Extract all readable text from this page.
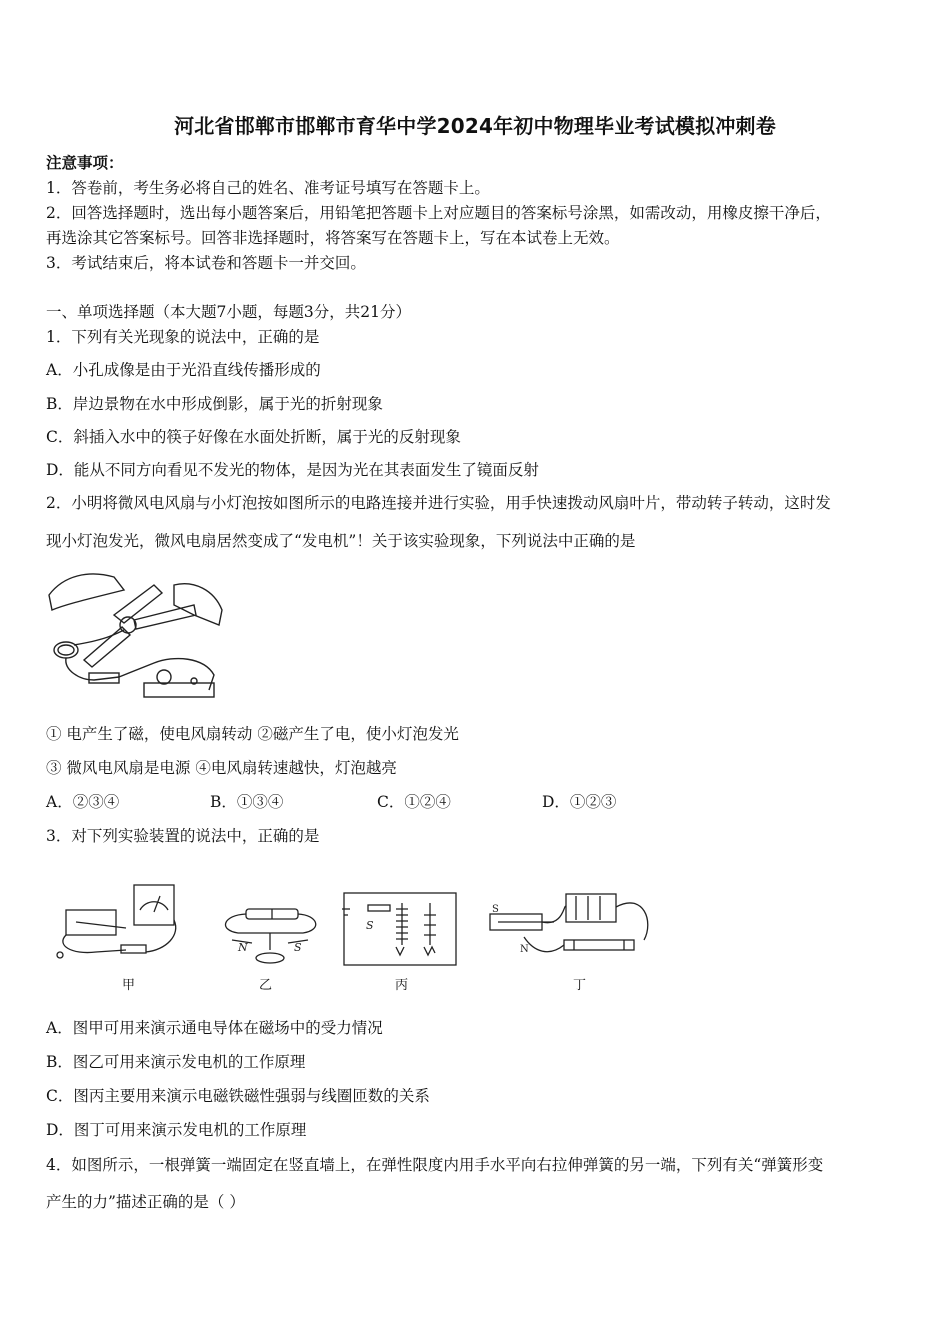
河北省邯郸市邯郸市育华中学2024年初中物理毕业考试模拟冲刺卷
注意事项：
1．答卷前，考生务必将自己的姓名、准考证号填写在答题卡上。
2．回答选择题时，选出每小题答案后，用铅笔把答题卡上对应题目的答案标号涂黑，如需改动，用橡皮擦干净后，
再选涂其它答案标号。回答非选择题时，将答案写在答题卡上，写在本试卷上无效。
3．考试结束后，将本试卷和答题卡一并交回。
一、单项选择题（本大题7小题，每题3分，共21分）
1．下列有关光现象的说法中，正确的是
A．小孔成像是由于光沿直线传播形成的
B．岸边景物在水中形成倒影，属于光的折射现象
C．斜插入水中的筷子好像在水面处折断，属于光的反射现象
D．能从不同方向看见不发光的物体，是因为光在其表面发生了镜面反射
2．小明将微风电风扇与小灯泡按如图所示的电路连接并进行实验，用手快速拨动风扇叶片，带动转子转动，这时发
现小灯泡发光，微风电扇居然变成了“发电机”！关于该实验现象，下列说法中正确的是
① 电产生了磁，使电风扇转动 ②磁产生了电，使小灯泡发光
③ 微风电风扇是电源 ④电风扇转速越快，灯泡越亮
A．②③④	B．①③④	C．①②④	D．①②③
3．对下列实验装置的说法中，正确的是
N	S
S
S
N
甲	乙	丙	丁
A．图甲可用来演示通电导体在磁场中的受力情况
B．图乙可用来演示发电机的工作原理
C．图丙主要用来演示电磁铁磁性强弱与线圈匝数的关系
D．图丁可用来演示发电机的工作原理
4．如图所示，一根弹簧一端固定在竖直墙上，在弹性限度内用手水平向右拉伸弹簧的另一端，下列有关“弹簧形变
产生的力”描述正确的是（ ）
